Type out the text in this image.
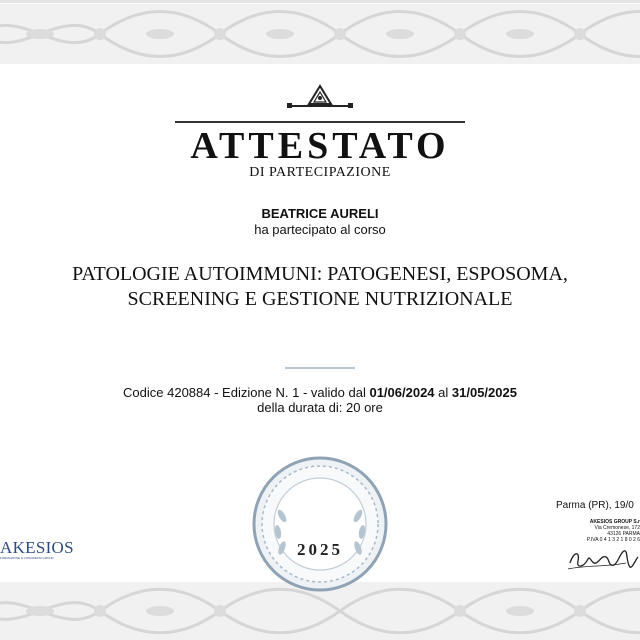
ATTESTATO
DI PARTECIPAZIONE
BEATRICE AURELI
ha partecipato al corso
PATOLOGIE AUTOIMMUNI: PATOGENESI, ESPOSOMA,
SCREENING E GESTIONE NUTRIZIONALE
Codice 420884 - Edizione N. 1 - valido dal 01/06/2024 al 31/05/2025
della durata di: 20 ore
2025
AKESIOS
FORMAZIONE & CONGRESSI GROUP
Parma (PR), 19/0
AKESIOS GROUP S.r
Via Cremonese, 172
43126 PARMA
P.IVA 0 4 1 3 2 1 8 0 2 6
